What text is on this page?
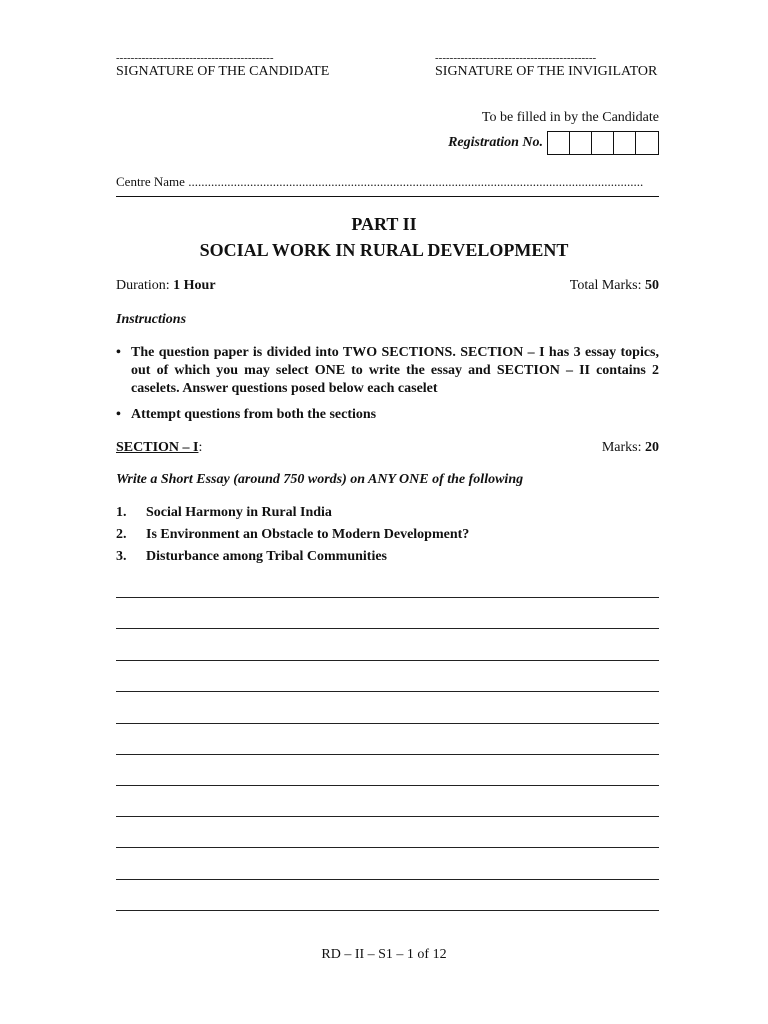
-------------------------------------------
SIGNATURE OF THE CANDIDATE
--------------------------------------------
SIGNATURE OF THE INVIGILATOR
To be filled in by the Candidate
Registration No.
Centre Name ............................................................................................................................................
PART II
SOCIAL WORK IN RURAL DEVELOPMENT
Duration: 1 Hour	Total Marks: 50
Instructions
• The question paper is divided into TWO SECTIONS. SECTION – I has 3 essay topics, out of which you may select ONE to write the essay and SECTION – II contains 2 caselets. Answer questions posed below each caselet
• Attempt questions from both the sections
SECTION – I:	Marks: 20
Write a Short Essay (around 750 words) on ANY ONE of the following
1. Social Harmony in Rural India
2. Is Environment an Obstacle to Modern Development?
3. Disturbance among Tribal Communities
RD – II – S1 – 1 of 12
